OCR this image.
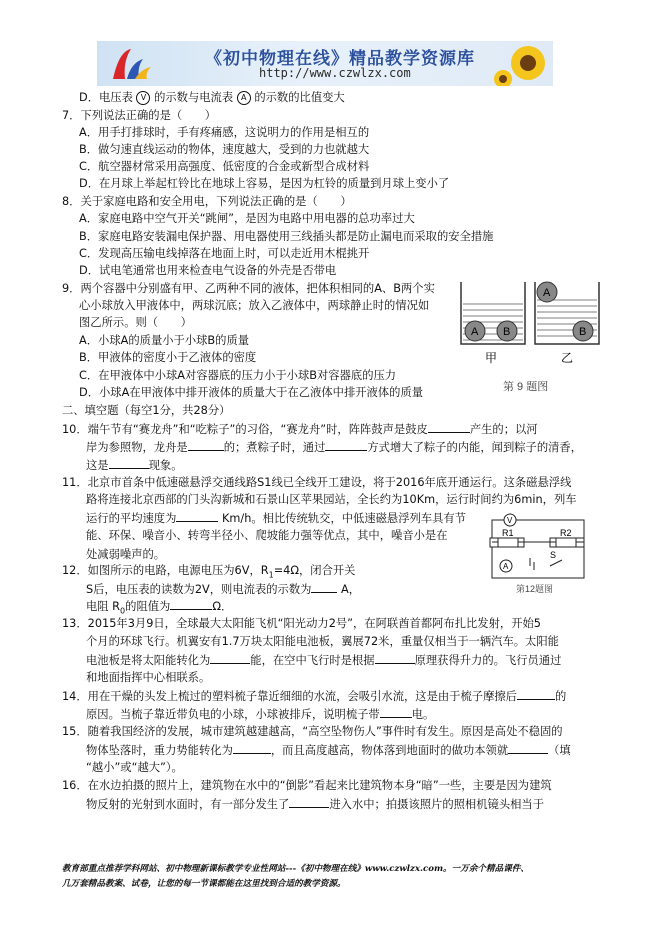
《初中物理在线》精品教学资源库
http://www.czwlzx.com
D．电压表 V 的示数与电流表 A 的示数的比值变大
7．下列说法正确的是（　　）
A．用手打排球时，手有疼痛感，这说明力的作用是相互的
B．做匀速直线运动的物体，速度越大，受到的力也就越大
C．航空器材常采用高强度、低密度的合金或新型合成材料
D．在月球上举起杠铃比在地球上容易，是因为杠铃的质量到月球上变小了
8．关于家庭电路和安全用电，下列说法正确的是（　　）
A．家庭电路中空气开关“跳闸”，是因为电路中用电器的总功率过大
B．家庭电路安装漏电保护器、用电器使用三线插头都是防止漏电而采取的安全措施
C．发现高压输电线掉落在地面上时，可以走近用木棍挑开
D．试电笔通常也用来检查电气设备的外壳是否带电
9．两个容器中分别盛有甲、乙两种不同的液体，把体积相同的A、B两个实
心小球放入甲液体中，两球沉底；放入乙液体中，两球静止时的情况如
图乙所示。则（　　）
A．小球A的质量小于小球B的质量
B．甲液体的密度小于乙液体的密度
C．在甲液体中小球A对容器底的压力小于小球B对容器底的压力
D．小球A在甲液体中排开液体的质量大于在乙液体中排开液体的质量
A B
甲
A
B
乙
第 9 题图
二、填空题（每空1分，共28分）
10．端午节有“赛龙舟”和“吃粽子”的习俗，“赛龙舟”时，阵阵鼓声是鼓皮	产生的；以河
岸为参照物，龙舟是	的；煮粽子时，通过	方式增大了粽子的内能，闻到粽子的清香，
这是	现象。
11．北京市首条中低速磁悬浮交通线路S1线已全线开工建设，将于2016年底开通运行。这条磁悬浮线
路将连接北京西部的门头沟新城和石景山区苹果园站，全长约为10Km，运行时间约为6min，列车
运行的平均速度为	Km/h。相比传统轨交，中低速磁悬浮列车具有节
能、环保、噪音小、转弯半径小、爬坡能力强等优点，其中，噪音小是在
处减弱噪声的。
R1	R2
V
A
S
第12题图
12．如图所示的电路，电源电压为6V，$R_1=4\Omega$，闭合开关
S后，电压表的读数为2V，则电流表的示数为 A，
电阻 $R_0$的阻值为	Ω．
13．2015年3月9日，全球最大太阳能飞机“阳光动力2号”，在阿联酋首都阿布扎比发射，开始5
个月的环球飞行。机翼安有1.7万块太阳能电池板，翼展72米，重量仅相当于一辆汽车。太阳能
电池板是将太阳能转化为	能，在空中飞行时是根据	原理获得升力的。飞行员通过
和地面指挥中心相联系。
14．用在干燥的头发上梳过的塑料梳子靠近细细的水流，会吸引水流，这是由于梳子摩擦后	的
原因。当梳子靠近带负电的小球，小球被排斥，说明梳子带	电。
15．随着我国经济的发展，城市建筑越建越高，“高空坠物伤人”事件时有发生。原因是高处不稳固的
物体坠落时，重力势能转化为	，而且高度越高，物体落到地面时的做功本领就	（填
“越小”或“越大”）。
16．在水边拍摄的照片上，建筑物在水中的“倒影”看起来比建筑物本身“暗”一些，主要是因为建筑
物反射的光射到水面时，有一部分发生了	进入水中；拍摄该照片的照相机镜头相当于
教育部重点推荐学科网站、初中物理新课标教学专业性网站---《初中物理在线》www.czwlzx.com。一万余个精品课件、
几万套精品教案、试卷，让您的每一节课都能在这里找到合适的教学资源。
